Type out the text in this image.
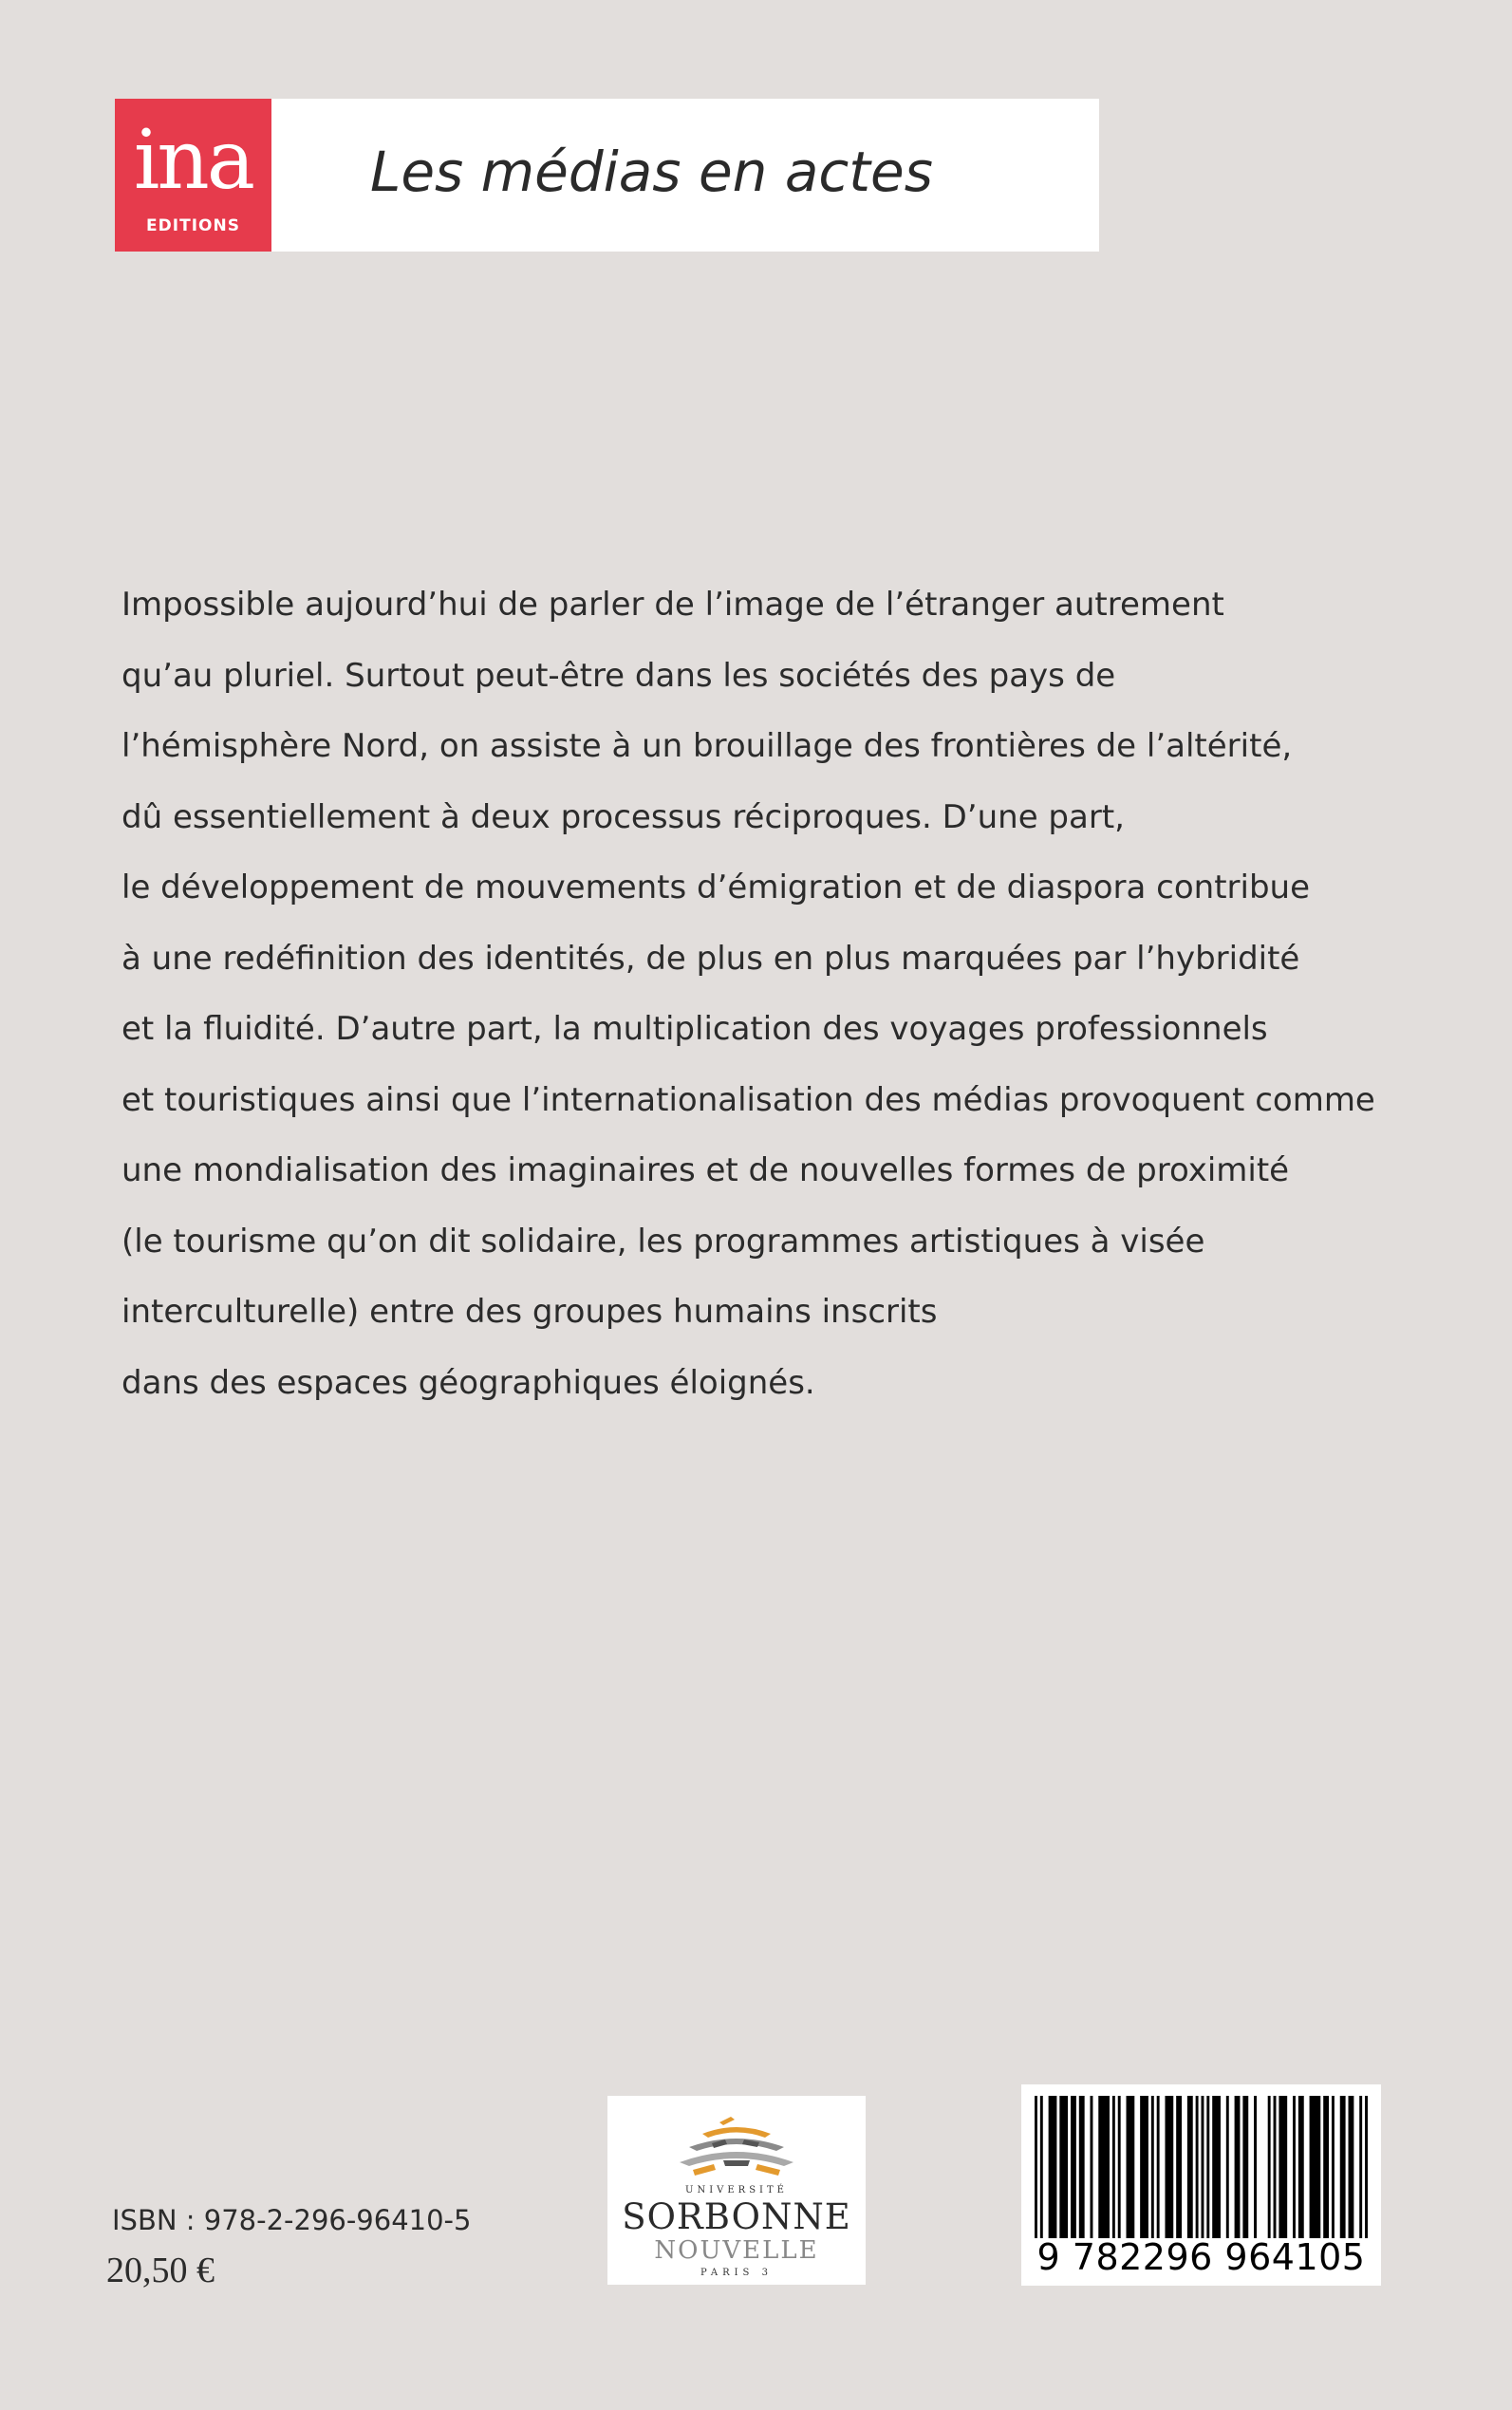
ina
EDITIONS
Les médias en actes
Impossible aujourd’hui de parler de l’image de l’étranger autrement
qu’au pluriel. Surtout peut-être dans les sociétés des pays de
l’hémisphère Nord, on assiste à un brouillage des frontières de l’altérité,
dû essentiellement à deux processus réciproques. D’une part,
le développement de mouvements d’émigration et de diaspora contribue
à une redéfinition des identités, de plus en plus marquées par l’hybridité
et la fluidité. D’autre part, la multiplication des voyages professionnels
et touristiques ainsi que l’internationalisation des médias provoquent comme
une mondialisation des imaginaires et de nouvelles formes de proximité
(le tourisme qu’on dit solidaire, les programmes artistiques à visée
interculturelle) entre des groupes humains inscrits
dans des espaces géographiques éloignés.
ISBN : 978-2-296-96410-5
20,50 €
UNIVERSITÉ
SORBONNE
NOUVELLE
PARIS 3	9 782296 964105
